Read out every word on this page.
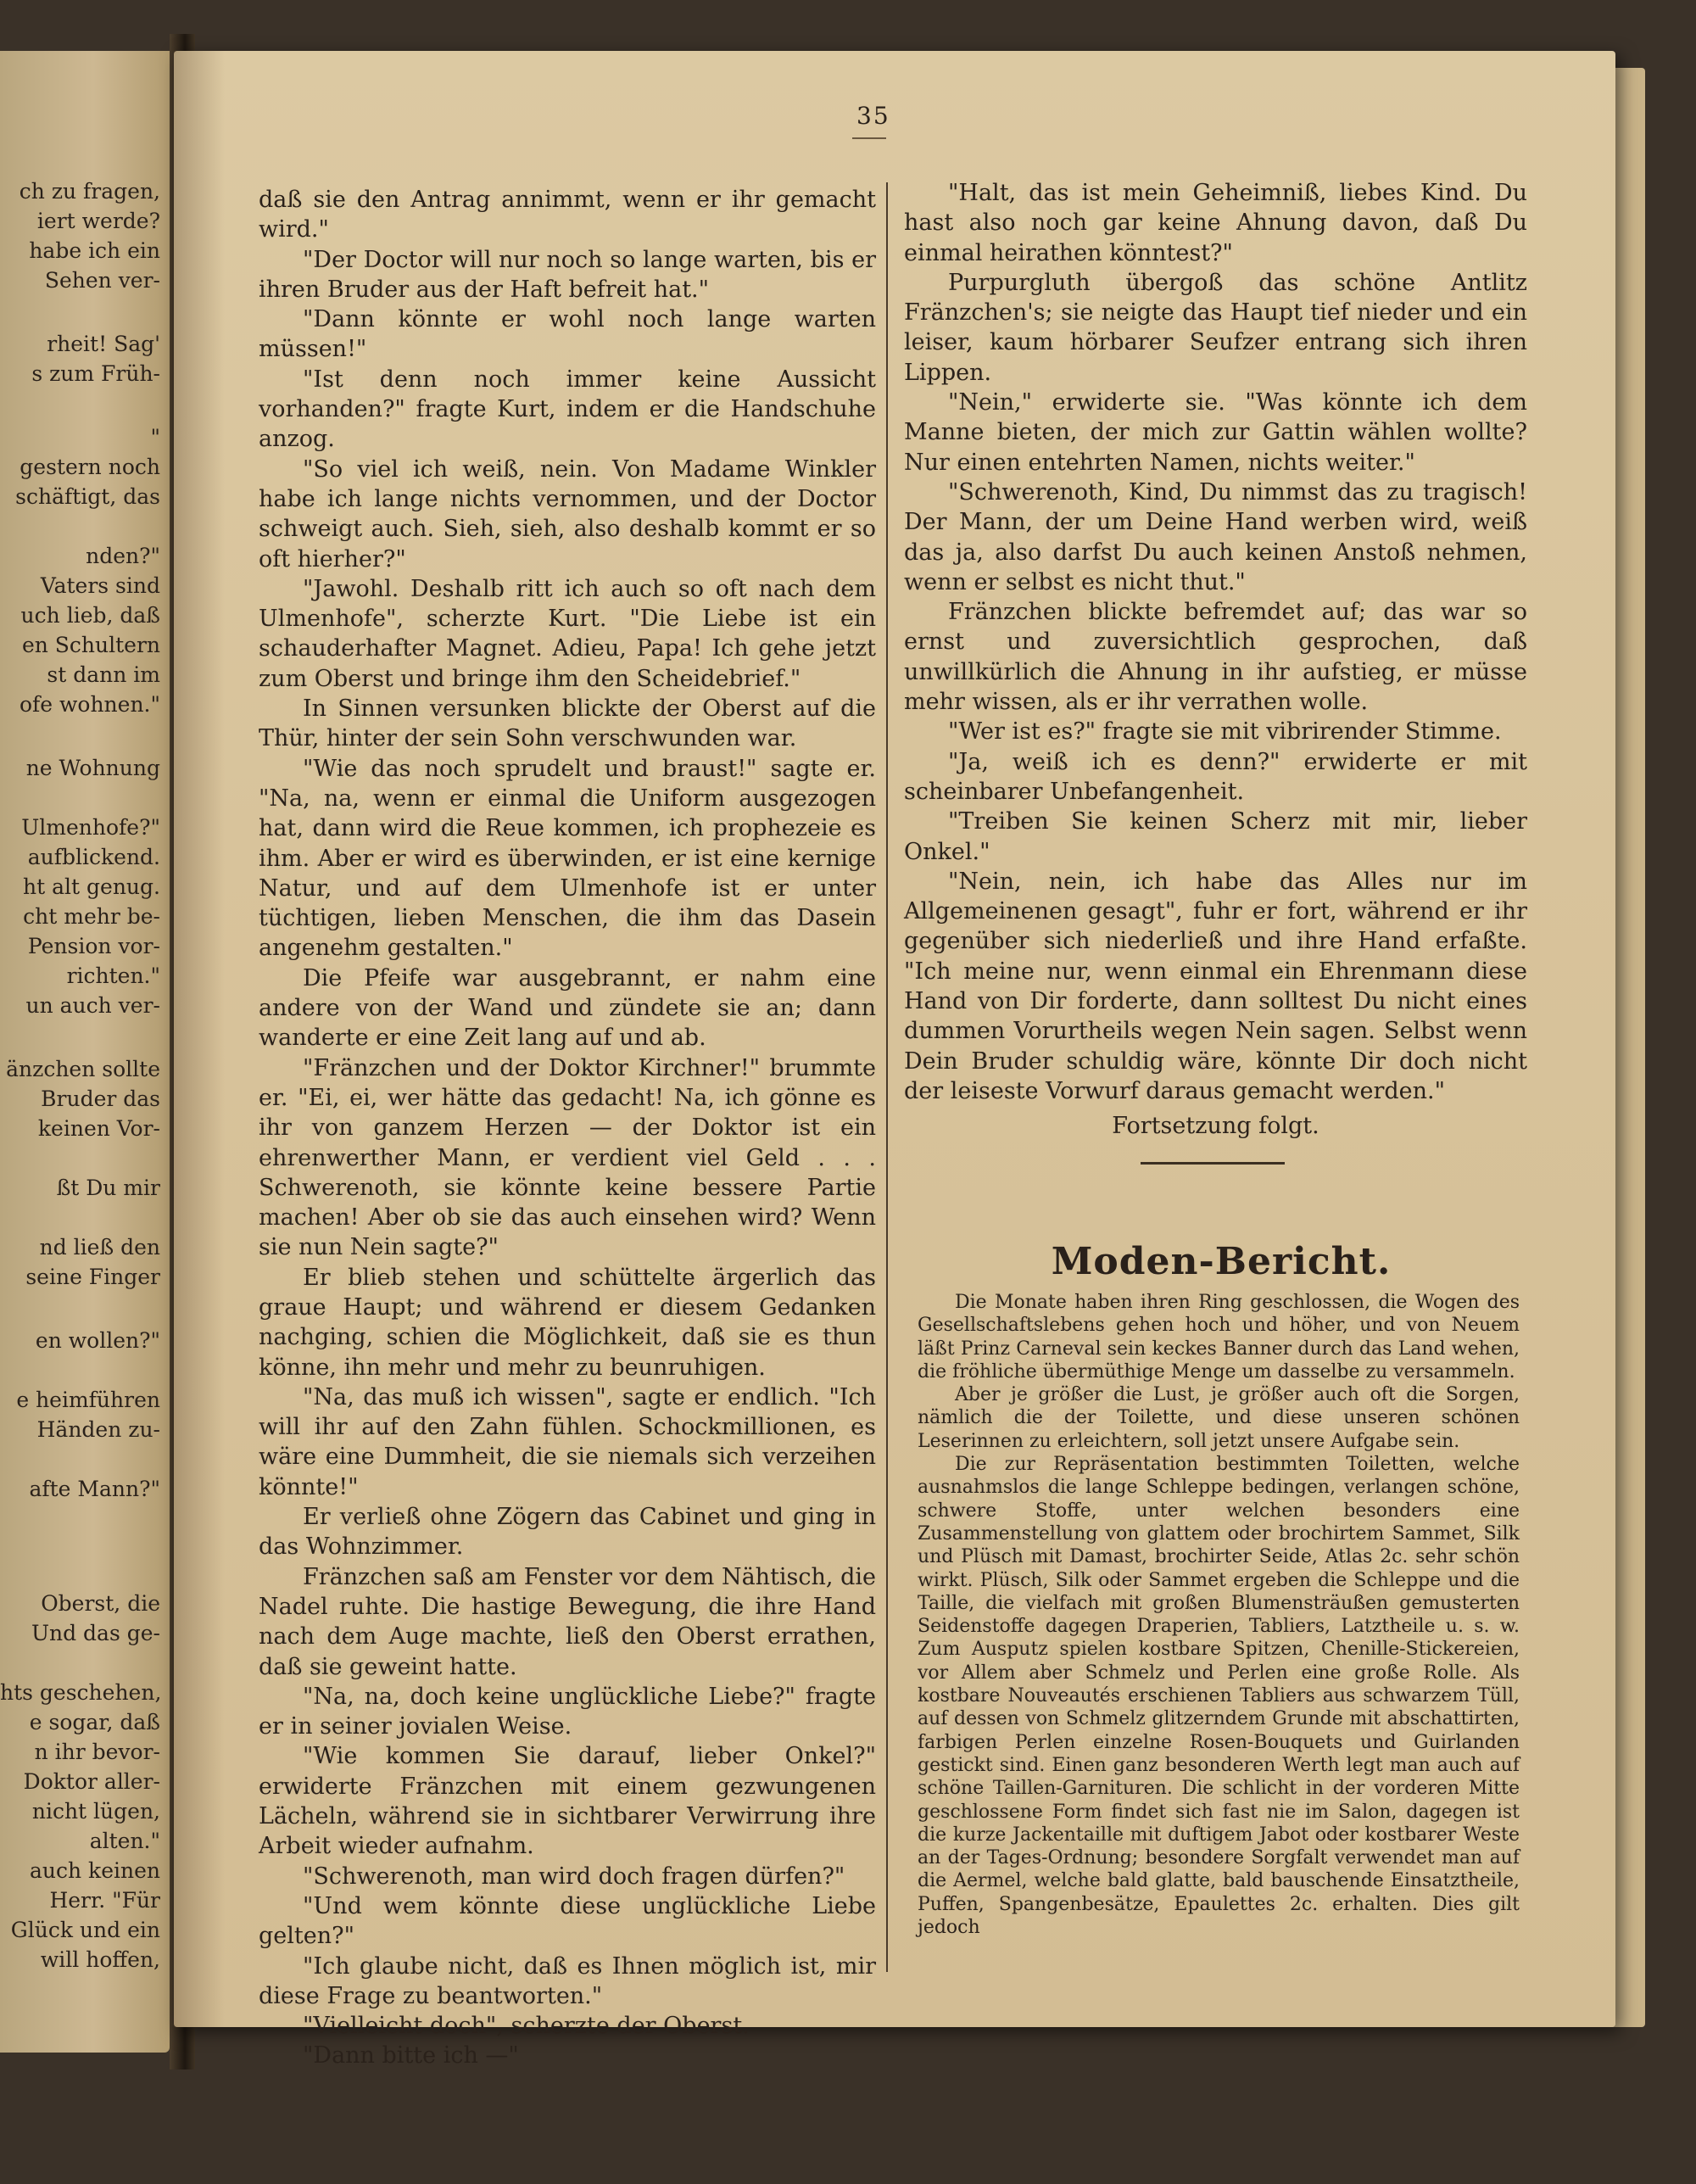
ch zu fragen,
iert werde?
habe ich ein
Sehen ver-
rheit! Sag'
s zum Früh-
"
gestern noch
schäftigt, das
nden?"
Vaters sind
uch lieb, daß
en Schultern
st dann im
ofe wohnen."
ne Wohnung
Ulmenhofe?"
aufblickend.
ht alt genug.
cht mehr be-
Pension vor-
richten."
un auch ver-
änzchen sollte
Bruder das
keinen Vor-
ßt Du mir
nd ließ den
seine Finger
en wollen?"
e heimführen
Händen zu-
afte Mann?"
Oberst, die
Und das ge-
hts geschehen,
e sogar, daß
n ihr bevor-
Doktor aller-
nicht lügen,
alten."
auch keinen
Herr. "Für
Glück und ein
will hoffen,
35

daß sie den Antrag annimmt, wenn er ihr gemacht wird."

"Der Doctor will nur noch so lange warten, bis er ihren Bruder aus der Haft befreit hat."

"Dann könnte er wohl noch lange warten müssen!"

"Ist denn noch immer keine Aussicht vorhanden?" fragte Kurt, indem er die Handschuhe anzog.

"So viel ich weiß, nein. Von Madame Winkler habe ich lange nichts vernommen, und der Doctor schweigt auch. Sieh, sieh, also deshalb kommt er so oft hierher?"

"Jawohl. Deshalb ritt ich auch so oft nach dem Ulmenhofe", scherzte Kurt. "Die Liebe ist ein schauderhafter Magnet. Adieu, Papa! Ich gehe jetzt zum Oberst und bringe ihm den Scheidebrief."

In Sinnen versunken blickte der Oberst auf die Thür, hinter der sein Sohn verschwunden war.

"Wie das noch sprudelt und braust!" sagte er. "Na, na, wenn er einmal die Uniform ausgezogen hat, dann wird die Reue kommen, ich prophezeie es ihm. Aber er wird es überwinden, er ist eine kernige Natur, und auf dem Ulmenhofe ist er unter tüchtigen, lieben Menschen, die ihm das Dasein angenehm gestalten."

Die Pfeife war ausgebrannt, er nahm eine andere von der Wand und zündete sie an; dann wanderte er eine Zeit lang auf und ab.

"Fränzchen und der Doktor Kirchner!" brummte er. "Ei, ei, wer hätte das gedacht! Na, ich gönne es ihr von ganzem Herzen — der Doktor ist ein ehrenwerther Mann, er verdient viel Geld . . . Schwerenoth, sie könnte keine bessere Partie machen! Aber ob sie das auch einsehen wird? Wenn sie nun Nein sagte?"

Er blieb stehen und schüttelte ärgerlich das graue Haupt; und während er diesem Gedanken nachging, schien die Möglichkeit, daß sie es thun könne, ihn mehr und mehr zu beunruhigen.

"Na, das muß ich wissen", sagte er endlich. "Ich will ihr auf den Zahn fühlen. Schockmillionen, es wäre eine Dummheit, die sie niemals sich verzeihen könnte!"

Er verließ ohne Zögern das Cabinet und ging in das Wohnzimmer.

Fränzchen saß am Fenster vor dem Nähtisch, die Nadel ruhte. Die hastige Bewegung, die ihre Hand nach dem Auge machte, ließ den Oberst errathen, daß sie geweint hatte.

"Na, na, doch keine unglückliche Liebe?" fragte er in seiner jovialen Weise.

"Wie kommen Sie darauf, lieber Onkel?" erwiderte Fränzchen mit einem gezwungenen Lächeln, während sie in sichtbarer Verwirrung ihre Arbeit wieder aufnahm.

"Schwerenoth, man wird doch fragen dürfen?"

"Und wem könnte diese unglückliche Liebe gelten?"

"Ich glaube nicht, daß es Ihnen möglich ist, mir diese Frage zu beantworten."

"Vielleicht doch", scherzte der Oberst.

"Dann bitte ich —"

"Halt, das ist mein Geheimniß, liebes Kind. Du hast also noch gar keine Ahnung davon, daß Du einmal heirathen könntest?"

Purpurgluth übergoß das schöne Antlitz Fränzchen's; sie neigte das Haupt tief nieder und ein leiser, kaum hörbarer Seufzer entrang sich ihren Lippen.

"Nein," erwiderte sie. "Was könnte ich dem Manne bieten, der mich zur Gattin wählen wollte? Nur einen entehrten Namen, nichts weiter."

"Schwerenoth, Kind, Du nimmst das zu tragisch! Der Mann, der um Deine Hand werben wird, weiß das ja, also darfst Du auch keinen Anstoß nehmen, wenn er selbst es nicht thut."

Fränzchen blickte befremdet auf; das war so ernst und zuversichtlich gesprochen, daß unwillkürlich die Ahnung in ihr aufstieg, er müsse mehr wissen, als er ihr verrathen wolle.

"Wer ist es?" fragte sie mit vibrirender Stimme.

"Ja, weiß ich es denn?" erwiderte er mit scheinbarer Unbefangenheit.

"Treiben Sie keinen Scherz mit mir, lieber Onkel."

"Nein, nein, ich habe das Alles nur im Allgemeinenen gesagt", fuhr er fort, während er ihr gegenüber sich niederließ und ihre Hand erfaßte. "Ich meine nur, wenn einmal ein Ehrenmann diese Hand von Dir forderte, dann solltest Du nicht eines dummen Vorurtheils wegen Nein sagen. Selbst wenn Dein Bruder schuldig wäre, könnte Dir doch nicht der leiseste Vorwurf daraus gemacht werden."

Fortsetzung folgt.

Moden-Bericht.

Die Monate haben ihren Ring geschlossen, die Wogen des Gesellschaftslebens gehen hoch und höher, und von Neuem läßt Prinz Carneval sein keckes Banner durch das Land wehen, die fröhliche übermüthige Menge um dasselbe zu versammeln.

Aber je größer die Lust, je größer auch oft die Sorgen, nämlich die der Toilette, und diese unseren schönen Leserinnen zu erleichtern, soll jetzt unsere Aufgabe sein.

Die zur Repräsentation bestimmten Toiletten, welche ausnahmslos die lange Schleppe bedingen, verlangen schöne, schwere Stoffe, unter welchen besonders eine Zusammenstellung von glattem oder brochirtem Sammet, Silk und Plüsch mit Damast, brochirter Seide, Atlas 2c. sehr schön wirkt. Plüsch, Silk oder Sammet ergeben die Schleppe und die Taille, die vielfach mit großen Blumensträußen gemusterten Seidenstoffe dagegen Draperien, Tabliers, Latztheile u. s. w. Zum Ausputz spielen kostbare Spitzen, Chenille-Stickereien, vor Allem aber Schmelz und Perlen eine große Rolle. Als kostbare Nouveautés erschienen Tabliers aus schwarzem Tüll, auf dessen von Schmelz glitzerndem Grunde mit abschattirten, farbigen Perlen einzelne Rosen-Bouquets und Guirlanden gestickt sind. Einen ganz besonderen Werth legt man auch auf schöne Taillen-Garnituren. Die schlicht in der vorderen Mitte geschlossene Form findet sich fast nie im Salon, dagegen ist die kurze Jackentaille mit duftigem Jabot oder kostbarer Weste an der Tages-Ordnung; besondere Sorgfalt verwendet man auf die Aermel, welche bald glatte, bald bauschende Einsatztheile, Puffen, Spangenbesätze, Epaulettes 2c. erhalten. Dies gilt jedoch
